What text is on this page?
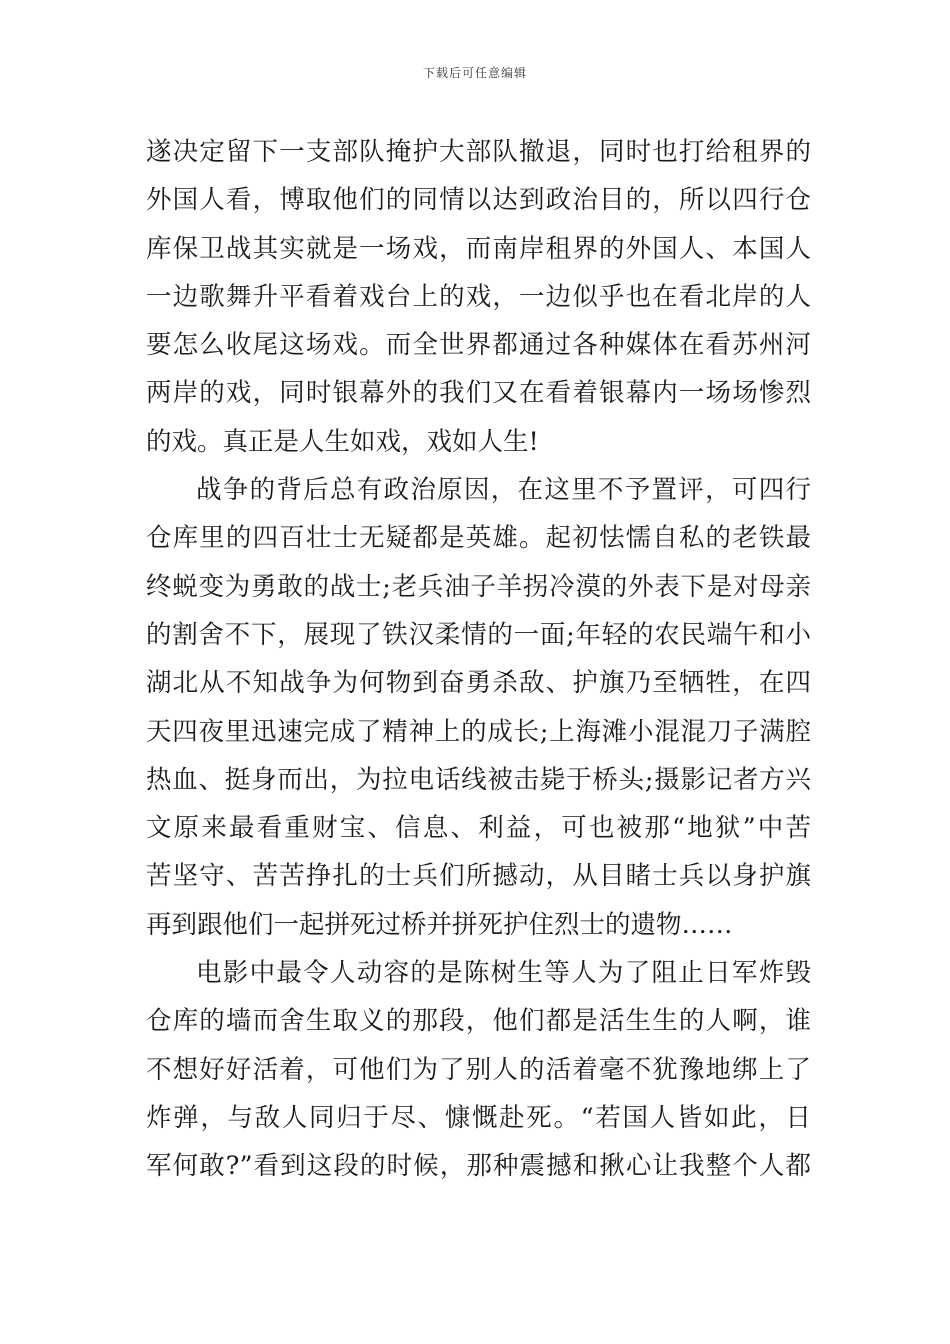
下载后可任意编辑
遂决定留下一支部队掩护大部队撤退，同时也打给租界的
外国人看，博取他们的同情以达到政治目的，所以四行仓
库保卫战其实就是一场戏，而南岸租界的外国人、本国人
一边歌舞升平看着戏台上的戏，一边似乎也在看北岸的人
要怎么收尾这场戏。而全世界都通过各种媒体在看苏州河
两岸的戏，同时银幕外的我们又在看着银幕内一场场惨烈
的戏。真正是人生如戏，戏如人生!
战争的背后总有政治原因，在这里不予置评，可四行
仓库里的四百壮士无疑都是英雄。起初怯懦自私的老铁最
终蜕变为勇敢的战士;老兵油子羊拐冷漠的外表下是对母亲
的割舍不下，展现了铁汉柔情的一面;年轻的农民端午和小
湖北从不知战争为何物到奋勇杀敌、护旗乃至牺牲，在四
天四夜里迅速完成了精神上的成长;上海滩小混混刀子满腔
热血、挺身而出，为拉电话线被击毙于桥头;摄影记者方兴
文原来最看重财宝、信息、利益，可也被那“地狱”中苦
苦坚守、苦苦挣扎的士兵们所撼动，从目睹士兵以身护旗
再到跟他们一起拼死过桥并拼死护住烈士的遗物……
电影中最令人动容的是陈树生等人为了阻止日军炸毁
仓库的墙而舍生取义的那段，他们都是活生生的人啊，谁
不想好好活着，可他们为了别人的活着毫不犹豫地绑上了
炸弹，与敌人同归于尽、慷慨赴死。“若国人皆如此，日
军何敢?”看到这段的时候，那种震撼和揪心让我整个人都
